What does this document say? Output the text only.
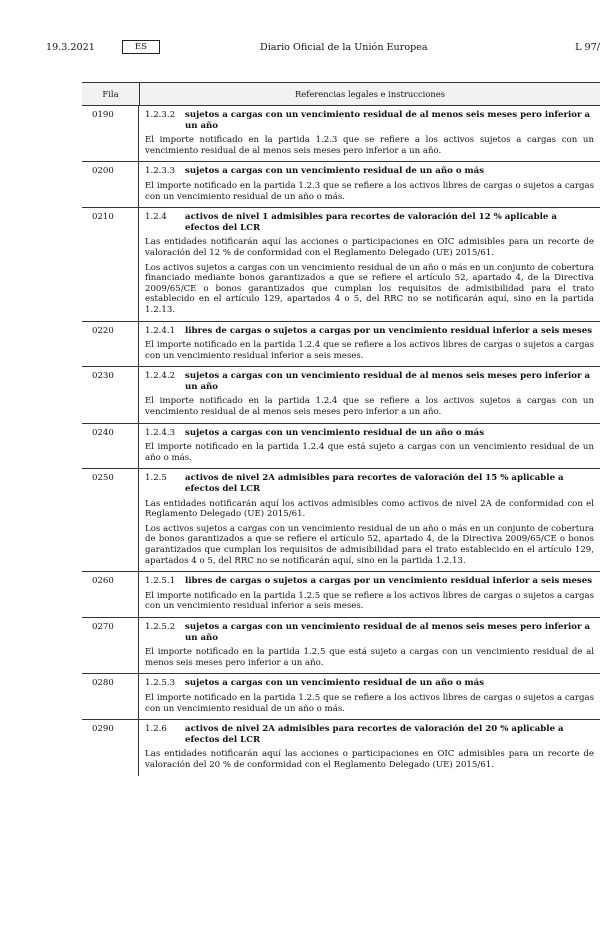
19.3.2021	ES	Diario Oficial de la Unión Europea	L 97/
Fila	Referencias legales e instrucciones
0190	1.2.3.2	sujetos a cargas con un vencimiento residual de al menos seis meses pero inferior a un año

El importe notificado en la partida 1.2.3 que se refiere a los activos sujetos a cargas con un vencimiento residual de al menos seis meses pero inferior a un año.

0200	1.2.3.3	sujetos a cargas con un vencimiento residual de un año o más

El importe notificado en la partida 1.2.3 que se refiere a los activos libres de cargas o sujetos a cargas con un vencimiento residual de un año o más.

0210	1.2.4	activos de nivel 1 admisibles para recortes de valoración del 12 % aplicable a efectos del LCR

Las entidades notificarán aquí las acciones o participaciones en OIC admisibles para un recorte de valoración del 12 % de conformidad con el Reglamento Delegado (UE) 2015/61.

Los activos sujetos a cargas con un vencimiento residual de un año o más en un conjunto de cobertura financiado mediante bonos garantizados a que se refiere el artículo 52, apartado 4, de la Directiva 2009/65/CE o bonos garantizados que cumplan los requisitos de admisibilidad para el trato establecido en el artículo 129, apartados 4 o 5, del RRC no se notificarán aquí, sino en la partida 1.2.13.

0220	1.2.4.1	libres de cargas o sujetos a cargas por un vencimiento residual inferior a seis meses

El importe notificado en la partida 1.2.4 que se refiere a los activos libres de cargas o sujetos a cargas con un vencimiento residual inferior a seis meses.

0230	1.2.4.2	sujetos a cargas con un vencimiento residual de al menos seis meses pero inferior a un año

El importe notificado en la partida 1.2.4 que se refiere a los activos sujetos a cargas con un vencimiento residual de al menos seis meses pero inferior a un año.

0240	1.2.4.3	sujetos a cargas con un vencimiento residual de un año o más

El importe notificado en la partida 1.2.4 que está sujeto a cargas con un vencimiento residual de un año o más.

0250	1.2.5	activos de nivel 2A admisibles para recortes de valoración del 15 % aplicable a efectos del LCR

Las entidades notificarán aquí los activos admisibles como activos de nivel 2A de conformidad con el Reglamento Delegado (UE) 2015/61.

Los activos sujetos a cargas con un vencimiento residual de un año o más en un conjunto de cobertura de bonos garantizados a que se refiere el artículo 52, apartado 4, de la Directiva 2009/65/CE o bonos garantizados que cumplan los requisitos de admisibilidad para el trato establecido en el artículo 129, apartados 4 o 5, del RRC no se notificarán aquí, sino en la partida 1.2.13.

0260	1.2.5.1	libres de cargas o sujetos a cargas por un vencimiento residual inferior a seis meses

El importe notificado en la partida 1.2.5 que se refiere a los activos libres de cargas o sujetos a cargas con un vencimiento residual inferior a seis meses.

0270	1.2.5.2	sujetos a cargas con un vencimiento residual de al menos seis meses pero inferior a un año

El importe notificado en la partida 1.2.5 que está sujeto a cargas con un vencimiento residual de al menos seis meses pero inferior a un año.

0280	1.2.5.3	sujetos a cargas con un vencimiento residual de un año o más

El importe notificado en la partida 1.2.5 que se refiere a los activos libres de cargas o sujetos a cargas con un vencimiento residual de un año o más.

0290	1.2.6	activos de nivel 2A admisibles para recortes de valoración del 20 % aplicable a efectos del LCR

Las entidades notificarán aquí las acciones o participaciones en OIC admisibles para un recorte de valoración del 20 % de conformidad con el Reglamento Delegado (UE) 2015/61.
